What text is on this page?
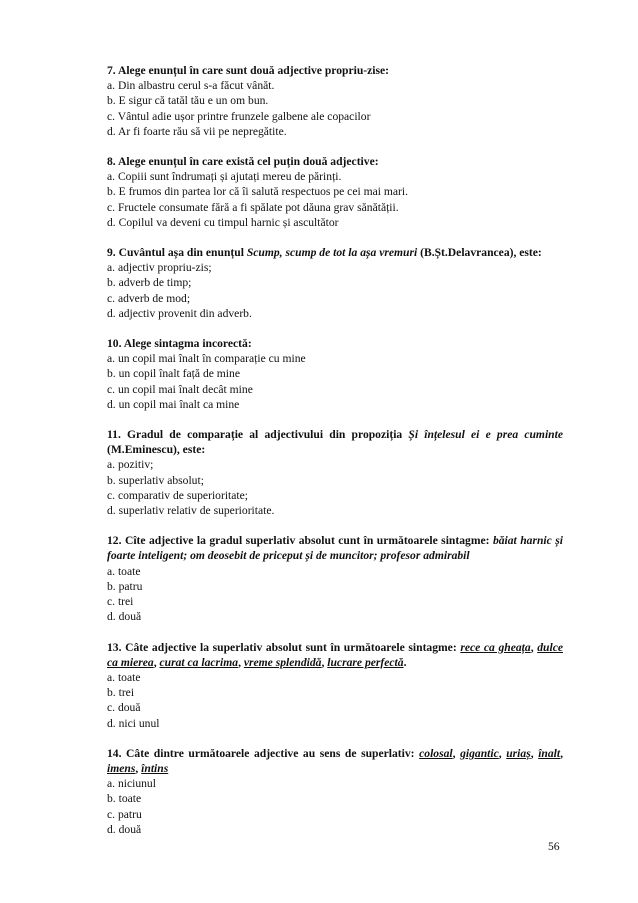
7. Alege enunțul în care sunt două adjective propriu-zise:
a. Din albastru cerul s-a făcut vânăt.
b. E sigur că tatăl tău e un om bun.
c. Vântul adie ușor printre frunzele galbene ale copacilor
d. Ar fi foarte rău să vii pe nepregătite.
8. Alege enunțul în care există cel puțin două adjective:
a. Copiii sunt îndrumați și ajutați mereu de părinți.
b. E frumos din partea lor că îi salută respectuos pe cei mai mari.
c. Fructele consumate fără a fi spălate pot dăuna grav sănătății.
d. Copilul va deveni cu timpul harnic și ascultător
9. Cuvântul așa din enunțul Scump, scump de tot la așa vremuri (B.Șt.Delavrancea), este:
a. adjectiv propriu-zis;
b. adverb de timp;
c. adverb de mod;
d. adjectiv provenit din adverb.
10. Alege sintagma incorectă:
a. un copil mai înalt în comparație cu mine
b. un copil înalt față de mine
c. un copil mai înalt decât mine
d. un copil mai înalt ca mine
11. Gradul de comparație al adjectivului din propoziția Și înțelesul ei e prea cuminte (M.Eminescu), este:
a. pozitiv;
b. superlativ absolut;
c. comparativ de superioritate;
d. superlativ relativ de superioritate.
12. Cîte adjective la gradul superlativ absolut cunt în următoarele sintagme: băiat harnic și foarte inteligent; om deosebit de priceput și de muncitor; profesor admirabil
a. toate
b. patru
c. trei
d. două
13. Câte adjective la superlativ absolut sunt în următoarele sintagme: rece ca gheața, dulce ca mierea, curat ca lacrima, vreme splendidă, lucrare perfectă.
a. toate
b. trei
c. două
d. nici unul
14. Câte dintre următoarele adjective au sens de superlativ: colosal, gigantic, uriaș, înalt, imens, întins
a. niciunul
b. toate
c. patru
d. două
56
